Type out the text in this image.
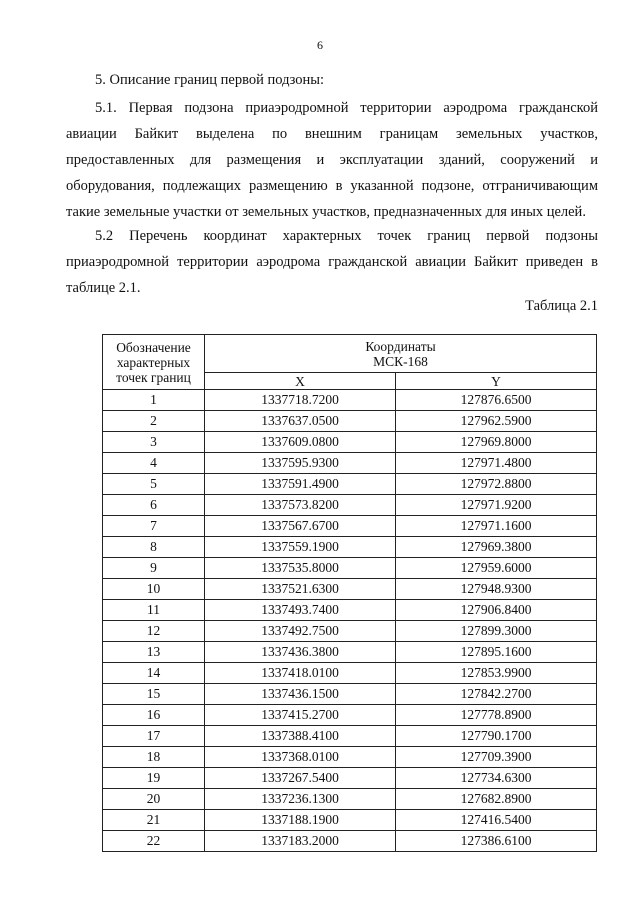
6
5. Описание границ первой подзоны:

5.1. Первая подзона приаэродромной территории аэродрома гражданской авиации Байкит выделена по внешним границам земельных участков, предоставленных для размещения и эксплуатации зданий, сооружений и оборудования, подлежащих размещению в указанной подзоне, отграничивающим такие земельные участки от земельных участков, предназначенных для иных целей.

5.2 Перечень координат характерных точек границ первой подзоны приаэродромной территории аэродрома гражданской авиации Байкит приведен в таблице 2.1.

Таблица 2.1
Обозначение характерных точек границ	Координаты МСК-168	
	X	Y
1	1337718.7200	127876.6500
2	1337637.0500	127962.5900
3	1337609.0800	127969.8000
4	1337595.9300	127971.4800
5	1337591.4900	127972.8800
6	1337573.8200	127971.9200
7	1337567.6700	127971.1600
8	1337559.1900	127969.3800
9	1337535.8000	127959.6000
10	1337521.6300	127948.9300
11	1337493.7400	127906.8400
12	1337492.7500	127899.3000
13	1337436.3800	127895.1600
14	1337418.0100	127853.9900
15	1337436.1500	127842.2700
16	1337415.2700	127778.8900
17	1337388.4100	127790.1700
18	1337368.0100	127709.3900
19	1337267.5400	127734.6300
20	1337236.1300	127682.8900
21	1337188.1900	127416.5400
22	1337183.2000	127386.6100
